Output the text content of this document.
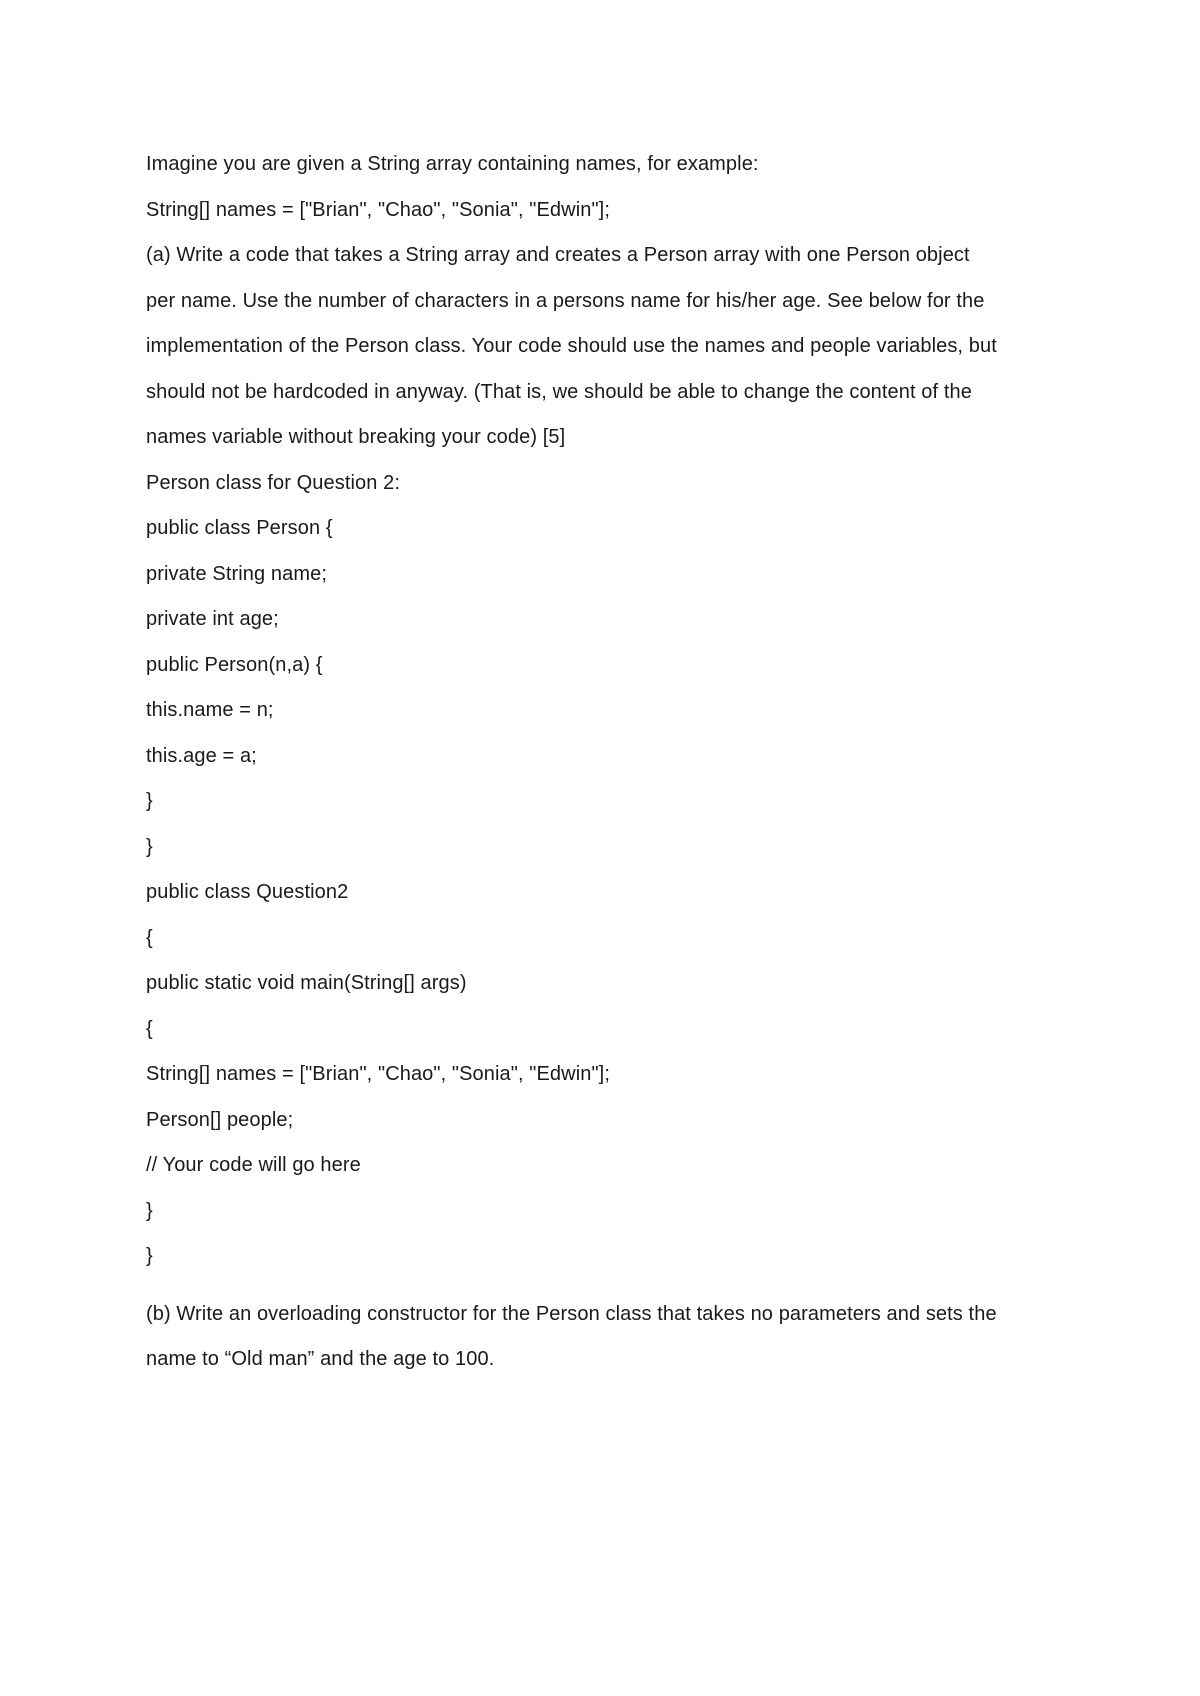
Imagine you are given a String array containing names, for example:
String[] names = ["Brian", "Chao", "Sonia", "Edwin"];
(a) Write a code that takes a String array and creates a Person array with one Person object
per name. Use the number of characters in a persons name for his/her age. See below for the
implementation of the Person class. Your code should use the names and people variables, but
should not be hardcoded in anyway. (That is, we should be able to change the content of the
names variable without breaking your code) [5]
Person class for Question 2:
public class Person {
private String name;
private int age;
public Person(n,a) {
this.name = n;
this.age = a;
}
}
public class Question2
{
public static void main(String[] args)
{
String[] names = ["Brian", "Chao", "Sonia", "Edwin"];
Person[] people;
// Your code will go here
}
}
(b) Write an overloading constructor for the Person class that takes no parameters and sets the
name to “Old man” and the age to 100.
